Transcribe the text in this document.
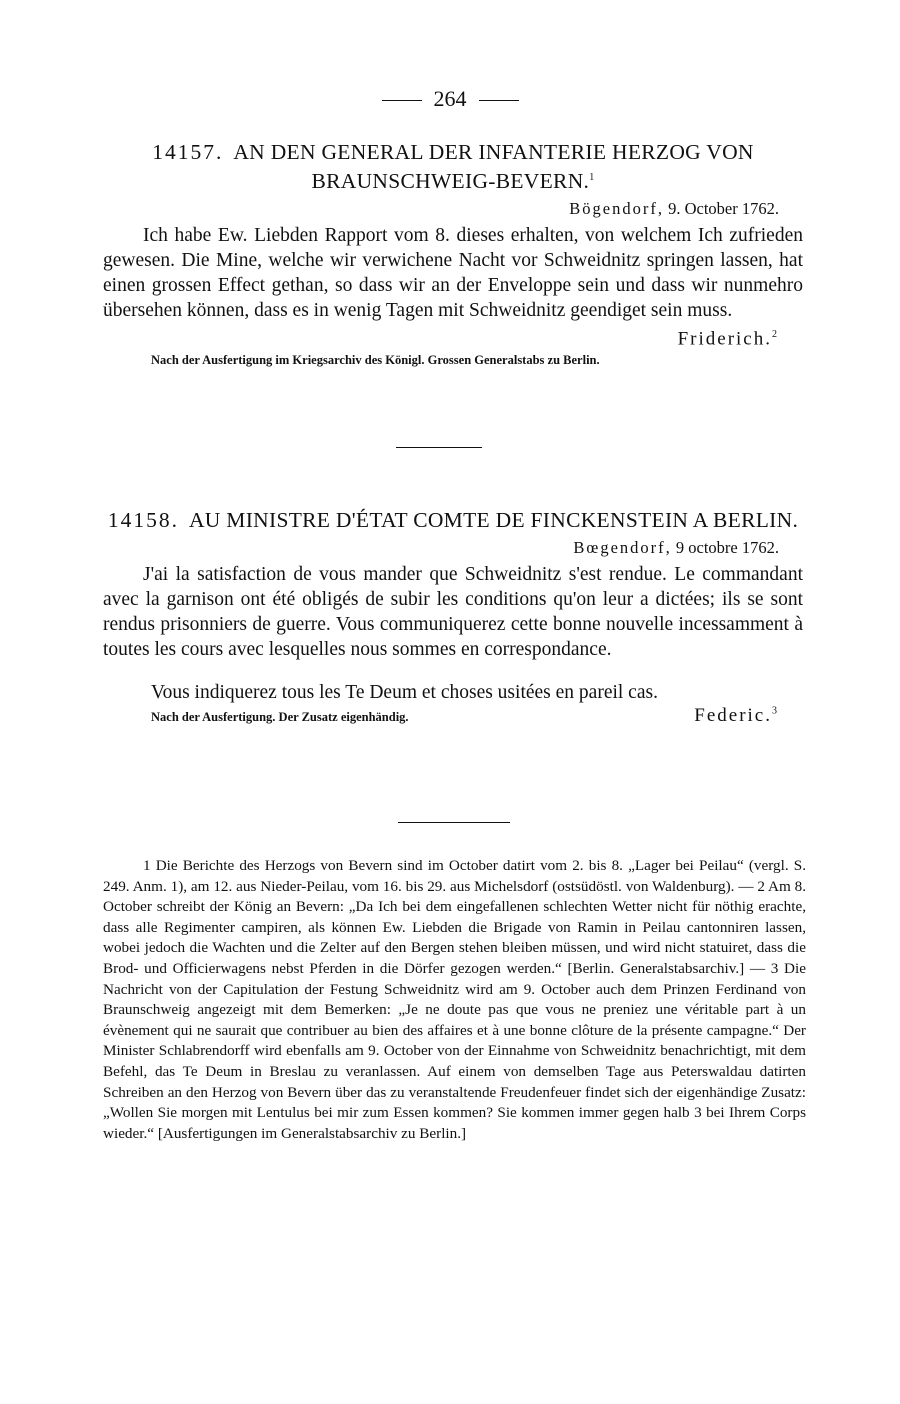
264
14157. AN DEN GENERAL DER INFANTERIE HERZOG VON BRAUNSCHWEIG-BEVERN.$^1$
Bögendorf, 9. October 1762.

Ich habe Ew. Liebden Rapport vom 8. dieses erhalten, von welchem Ich zufrieden gewesen. Die Mine, welche wir verwichene Nacht vor Schweidnitz springen lassen, hat einen grossen Effect gethan, so dass wir an der Enveloppe sein und dass wir nunmehro übersehen können, dass es in wenig Tagen mit Schweidnitz geendiget sein muss.

Friderich.$^2$
Nach der Ausfertigung im Kriegsarchiv des Königl. Grossen Generalstabs zu Berlin.
14158. AU MINISTRE D'ÉTAT COMTE DE FINCKENSTEIN A BERLIN.
Bœgendorf, 9 octobre 1762.

J'ai la satisfaction de vous mander que Schweidnitz s'est rendue. Le commandant avec la garnison ont été obligés de subir les conditions qu'on leur a dictées; ils se sont rendus prisonniers de guerre. Vous communiquerez cette bonne nouvelle incessamment à toutes les cours avec lesquelles nous sommes en correspondance.

Vous indiquerez tous les Te Deum et choses usitées en pareil cas.
Nach der Ausfertigung. Der Zusatz eigenhändig.	Federic.$^3$

1 Die Berichte des Herzogs von Bevern sind im October datirt vom 2. bis 8. „Lager bei Peilau“ (vergl. S. 249. Anm. 1), am 12. aus Nieder-Peilau, vom 16. bis 29. aus Michelsdorf (ostsüdöstl. von Waldenburg). — 2 Am 8. October schreibt der König an Bevern: „Da Ich bei dem eingefallenen schlechten Wetter nicht für nöthig erachte, dass alle Regimenter campiren, als können Ew. Liebden die Brigade von Ramin in Peilau cantonniren lassen, wobei jedoch die Wachten und die Zelter auf den Bergen stehen bleiben müssen, und wird nicht statuiret, dass die Brod- und Officierwagens nebst Pferden in die Dörfer gezogen werden.“ [Berlin. Generalstabsarchiv.] — 3 Die Nachricht von der Capitulation der Festung Schweidnitz wird am 9. October auch dem Prinzen Ferdinand von Braunschweig angezeigt mit dem Bemerken: „Je ne doute pas que vous ne preniez une véritable part à un évènement qui ne saurait que contribuer au bien des affaires et à une bonne clôture de la présente campagne.“ Der Minister Schlabrendorff wird ebenfalls am 9. October von der Einnahme von Schweidnitz benachrichtigt, mit dem Befehl, das Te Deum in Breslau zu veranlassen. Auf einem von demselben Tage aus Peterswaldau datirten Schreiben an den Herzog von Bevern über das zu veranstaltende Freudenfeuer findet sich der eigenhändige Zusatz: „Wollen Sie morgen mit Lentulus bei mir zum Essen kommen? Sie kommen immer gegen halb 3 bei Ihrem Corps wieder.“ [Ausfertigungen im Generalstabsarchiv zu Berlin.]
